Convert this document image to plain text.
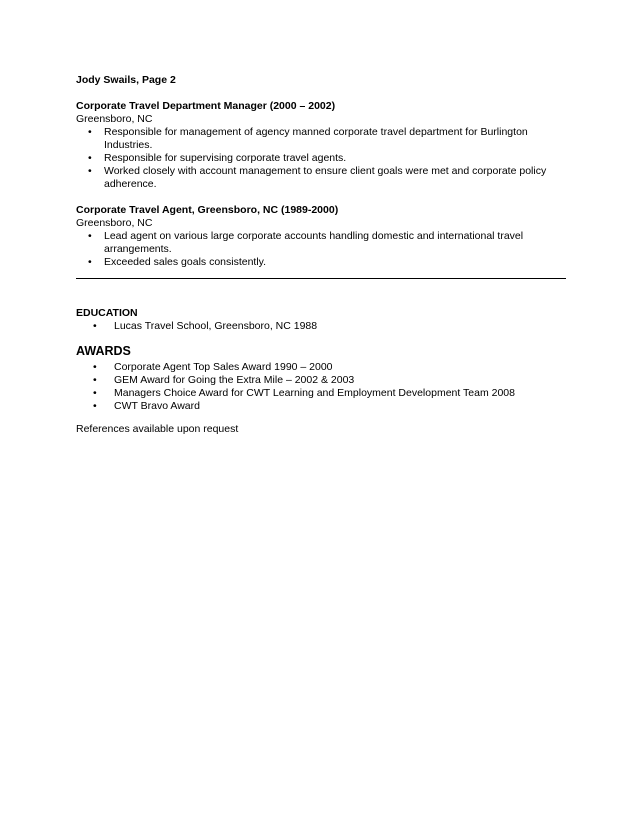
Jody Swails, Page 2
Corporate Travel Department Manager (2000 – 2002)
Greensboro, NC
• Responsible for management of agency manned corporate travel department for Burlington Industries.
• Responsible for supervising corporate travel agents.
• Worked closely with account management to ensure client goals were met and corporate policy adherence.
Corporate Travel Agent, Greensboro, NC (1989-2000)
Greensboro, NC
• Lead agent on various large corporate accounts handling domestic and international travel arrangements.
• Exceeded sales goals consistently.
EDUCATION
• Lucas Travel School, Greensboro, NC 1988
AWARDS
• Corporate Agent Top Sales Award 1990 – 2000
• GEM Award for Going the Extra Mile – 2002 & 2003
• Managers Choice Award for CWT Learning and Employment Development Team 2008
• CWT Bravo Award
References available upon request
